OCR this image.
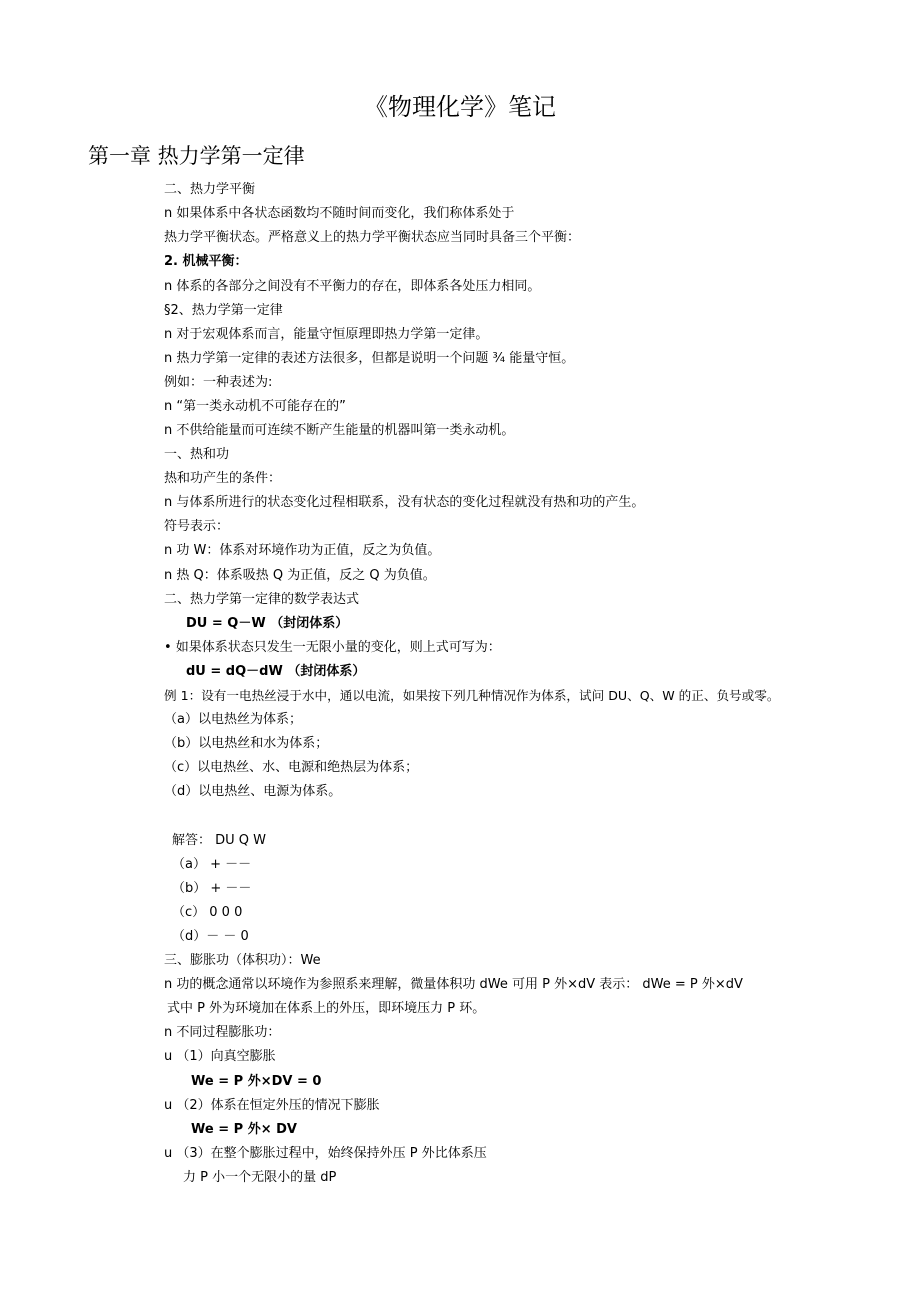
《物理化学》笔记
第一章 热力学第一定律
二、热力学平衡
n 如果体系中各状态函数均不随时间而变化，我们称体系处于
热力学平衡状态。严格意义上的热力学平衡状态应当同时具备三个平衡：
2. 机械平衡：
n 体系的各部分之间没有不平衡力的存在，即体系各处压力相同。
§2、热力学第一定律
n 对于宏观体系而言，能量守恒原理即热力学第一定律。
n 热力学第一定律的表述方法很多，但都是说明一个问题 ¾ 能量守恒。
例如：一种表述为:
n “第一类永动机不可能存在的”
n 不供给能量而可连续不断产生能量的机器叫第一类永动机。
一、热和功
热和功产生的条件：
n 与体系所进行的状态变化过程相联系，没有状态的变化过程就没有热和功的产生。
符号表示：
n 功 W：体系对环境作功为正值，反之为负值。
n 热 Q：体系吸热 Q 为正值，反之 Q 为负值。
二、热力学第一定律的数学表达式
DU = Q－W （封闭体系）
• 如果体系状态只发生一无限小量的变化，则上式可写为：
dU = dQ－dW （封闭体系）
例 1：设有一电热丝浸于水中，通以电流，如果按下列几种情况作为体系，试问 DU、Q、W 的正、负号或零。
（a）以电热丝为体系；
（b）以电热丝和水为体系；
（c）以电热丝、水、电源和绝热层为体系；
（d）以电热丝、电源为体系。
解答： DU Q W
（a） + －－
（b） + －－
（c） 0 0 0
（d）－ － 0
三、膨胀功（体积功）：We
n 功的概念通常以环境作为参照系来理解，微量体积功 dWe 可用 P 外×dV 表示： dWe = P 外×dV
式中 P 外为环境加在体系上的外压，即环境压力 P 环。
n 不同过程膨胀功：
u （1）向真空膨胀
We = P 外×DV = 0
u （2）体系在恒定外压的情况下膨胀
We = P 外× DV
u （3）在整个膨胀过程中，始终保持外压 P 外比体系压
力 P 小一个无限小的量 dP
